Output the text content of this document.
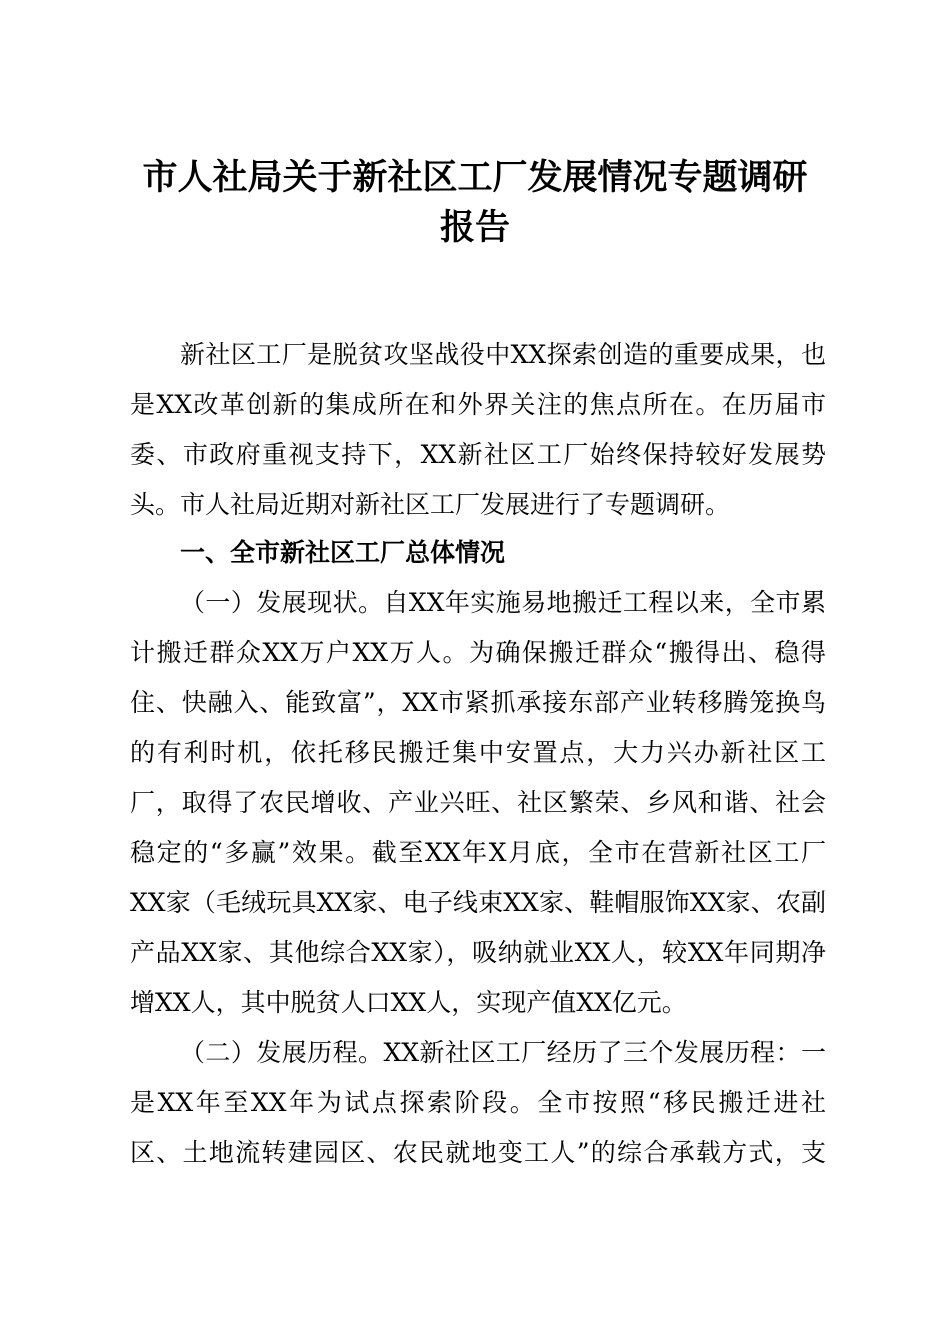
市人社局关于新社区工厂发展情况专题调研
报告
新社区工厂是脱贫攻坚战役中XX探索创造的重要成果，也
是XX改革创新的集成所在和外界关注的焦点所在。在历届市
委、市政府重视支持下，XX新社区工厂始终保持较好发展势
头。市人社局近期对新社区工厂发展进行了专题调研。
一、全市新社区工厂总体情况
（一）发展现状。自XX年实施易地搬迁工程以来，全市累
计搬迁群众XX万户XX万人。为确保搬迁群众“搬得出、稳得
住、快融入、能致富”，XX市紧抓承接东部产业转移腾笼换鸟
的有利时机，依托移民搬迁集中安置点，大力兴办新社区工
厂，取得了农民增收、产业兴旺、社区繁荣、乡风和谐、社会
稳定的“多赢”效果。截至XX年X月底，全市在营新社区工厂
XX家（毛绒玩具XX家、电子线束XX家、鞋帽服饰XX家、农副
产品XX家、其他综合XX家），吸纳就业XX人，较XX年同期净
增XX人，其中脱贫人口XX人，实现产值XX亿元。
（二）发展历程。XX新社区工厂经历了三个发展历程：一
是XX年至XX年为试点探索阶段。全市按照“移民搬迁进社
区、土地流转建园区、农民就地变工人”的综合承载方式，支
